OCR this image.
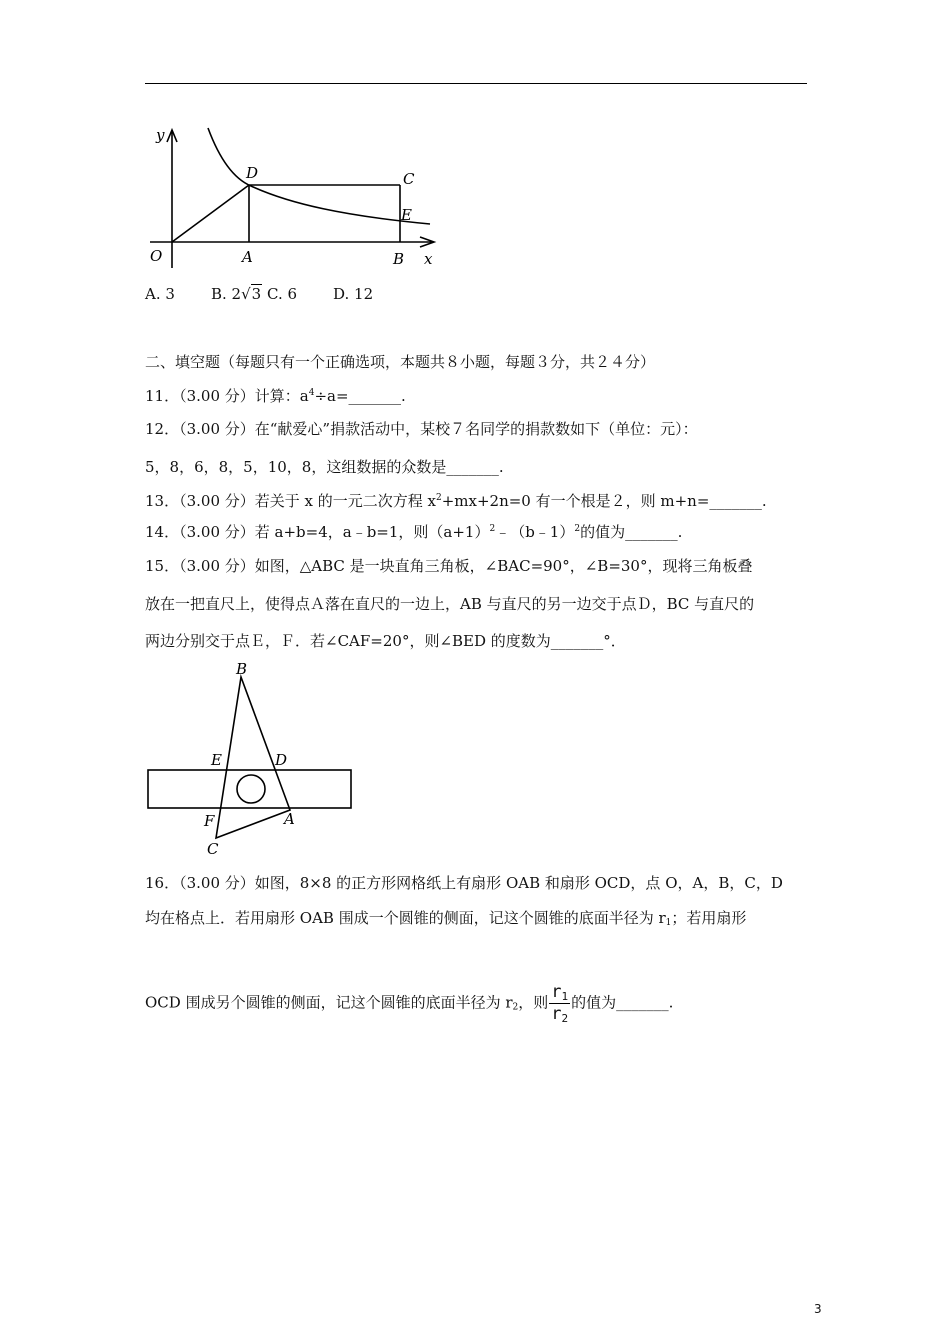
y
x
O
D	C
E
A	B
A. 3 B. 2√3 C. 6 D. 12
二、填空题（每题只有一个正确选项，本题共８小题，每题３分，共２４分）
11．（3.00 分）计算：$a^4\div a=\_\_\_\_\_\_\_$.
12．（3.00 分）在“献爱心”捐款活动中，某校７名同学的捐款数如下（单位：元）：
5，8，6，8，5，10，8，这组数据的众数是_______.
13．（3.00 分）若关于 x 的一元二次方程 $x^2+mx+2n=0$ 有一个根是２，则 m+n=_______.
14．（3.00 分）若 a+b=4，a﹣b=1，则$(a+1)^2﹣(b﹣1)^2$的值为_______.
15．（3.00 分）如图，△ABC 是一块直角三角板，∠BAC=90°，∠B=30°，现将三角板叠
放在一把直尺上，使得点Ａ落在直尺的一边上，AB 与直尺的另一边交于点Ｄ，BC 与直尺的
两边分别交于点Ｅ，Ｆ．若∠CAF=20°，则∠BED 的度数为_______°．
B
E	D
F	A
C
16．（3.00 分）如图，8×8 的正方形网格纸上有扇形 OAB 和扇形 OCD，点 O，A，B，C，D
均在格点上．若用扇形 OAB 围成一个圆锥的侧面，记这个圆锥的底面半径为 $r_1$；若用扇形
OCD 围成另个圆锥的侧面，记这个圆锥的底面半径为 $r_2$，则 $\frac{r_1}{r_2}$ 的值为_______.
3
